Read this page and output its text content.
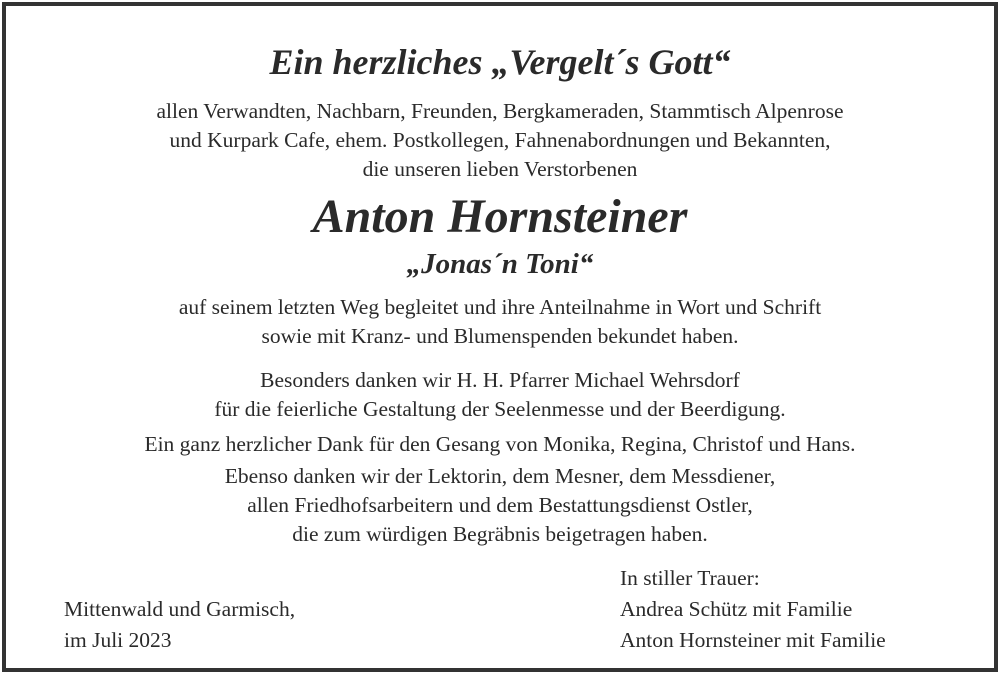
Ein herzliches „Vergelt´s Gott“
allen Verwandten, Nachbarn, Freunden, Bergkameraden, Stammtisch Alpenrose
und Kurpark Cafe, ehem. Postkollegen, Fahnenabordnungen und Bekannten,
die unseren lieben Verstorbenen
Anton Hornsteiner
„Jonas´n Toni“
auf seinem letzten Weg begleitet und ihre Anteilnahme in Wort und Schrift
sowie mit Kranz- und Blumenspenden bekundet haben.
Besonders danken wir H. H. Pfarrer Michael Wehrsdorf
für die feierliche Gestaltung der Seelenmesse und der Beerdigung.
Ein ganz herzlicher Dank für den Gesang von Monika, Regina, Christof und Hans.
Ebenso danken wir der Lektorin, dem Mesner, dem Messdiener,
allen Friedhofsarbeitern und dem Bestattungsdienst Ostler,
die zum würdigen Begräbnis beigetragen haben.
Mittenwald und Garmisch,
im Juli 2023
In stiller Trauer:
Andrea Schütz mit Familie
Anton Hornsteiner mit Familie
